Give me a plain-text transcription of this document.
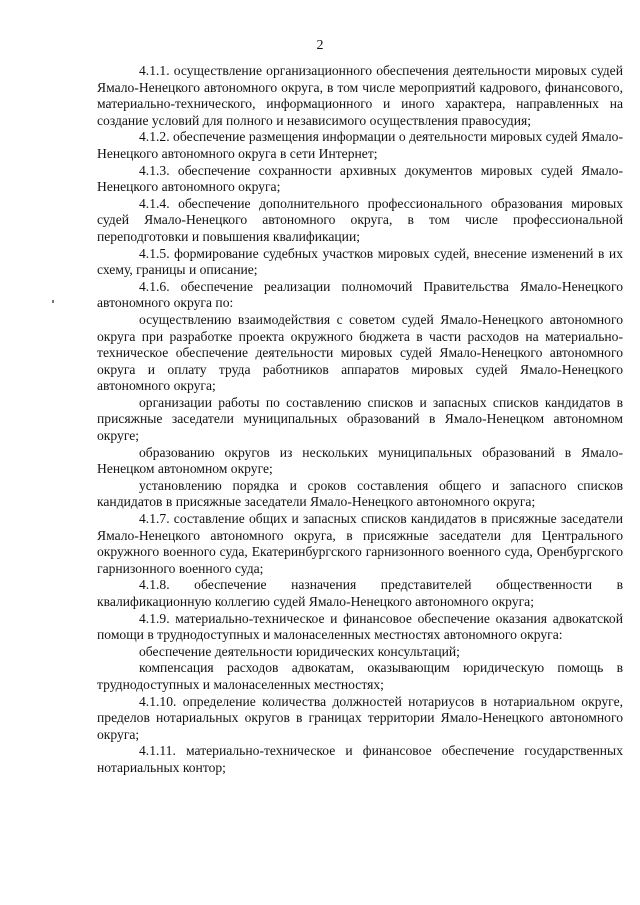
2

4.1.1. осуществление организационного обеспечения деятельности мировых судей Ямало-Ненецкого автономного округа, в том числе мероприятий кадрового, финансового, материально-технического, информационного и иного характера, направленных на создание условий для полного и независимого осуществления правосудия;

4.1.2. обеспечение размещения информации о деятельности мировых судей Ямало-Ненецкого автономного округа в сети Интернет;

4.1.3. обеспечение сохранности архивных документов мировых судей Ямало-Ненецкого автономного округа;

4.1.4. обеспечение дополнительного профессионального образования мировых судей Ямало-Ненецкого автономного округа, в том числе профессиональной переподготовки и повышения квалификации;

4.1.5. формирование судебных участков мировых судей, внесение изменений в их схему, границы и описание;

4.1.6. обеспечение реализации полномочий Правительства Ямало-Ненецкого автономного округа по:

осуществлению взаимодействия с советом судей Ямало-Ненецкого автономного округа при разработке проекта окружного бюджета в части расходов на материально-техническое обеспечение деятельности мировых судей Ямало-Ненецкого автономного округа и оплату труда работников аппаратов мировых судей Ямало-Ненецкого автономного округа;

организации работы по составлению списков и запасных списков кандидатов в присяжные заседатели муниципальных образований в Ямало-Ненецком автономном округе;

образованию округов из нескольких муниципальных образований в Ямало-Ненецком автономном округе;

установлению порядка и сроков составления общего и запасного списков кандидатов в присяжные заседатели Ямало-Ненецкого автономного округа;

4.1.7. составление общих и запасных списков кандидатов в присяжные заседатели Ямало-Ненецкого автономного округа, в присяжные заседатели для Центрального окружного военного суда, Екатеринбургского гарнизонного военного суда, Оренбургского гарнизонного военного суда;

4.1.8. обеспечение назначения представителей общественности в квалификационную коллегию судей Ямало-Ненецкого автономного округа;

4.1.9. материально-техническое и финансовое обеспечение оказания адвокатской помощи в труднодоступных и малонаселенных местностях автономного округа:

обеспечение деятельности юридических консультаций;

компенсация расходов адвокатам, оказывающим юридическую помощь в труднодоступных и малонаселенных местностях;

4.1.10. определение количества должностей нотариусов в нотариальном округе, пределов нотариальных округов в границах территории Ямало-Ненецкого автономного округа;

4.1.11. материально-техническое и финансовое обеспечение государственных нотариальных контор;
